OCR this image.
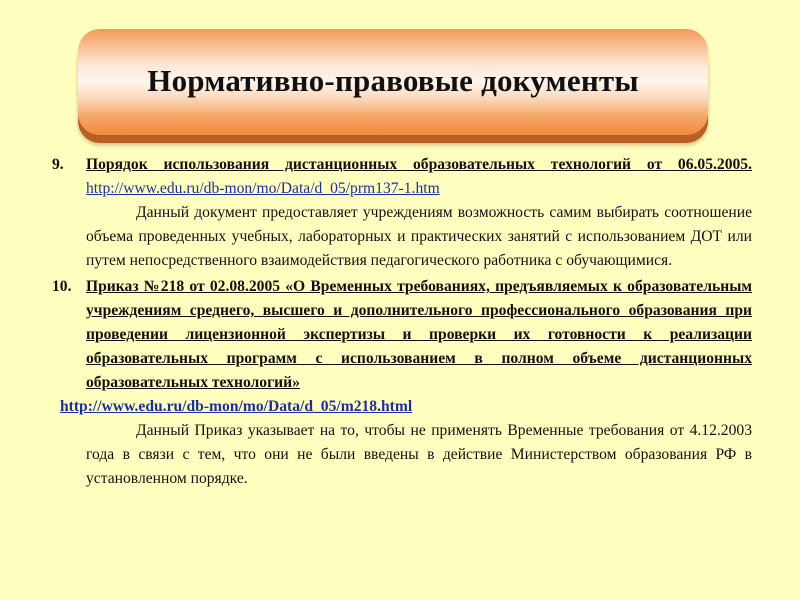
Нормативно-правовые документы
9. Порядок использования дистанционных образовательных технологий от 06.05.2005. http://www.edu.ru/db-mon/mo/Data/d_05/prm137-1.htm
Данный документ предоставляет учреждениям возможность самим выбирать соотношение объема проведенных учебных, лабораторных и практических занятий с использованием ДОТ или путем непосредственного взаимодействия педагогического работника с обучающимися.
10. Приказ №218 от 02.08.2005 «О Временных требованиях, предъявляемых к образовательным учреждениям среднего, высшего и дополнительного профессионального образования при проведении лицензионной экспертизы и проверки их готовности к реализации образовательных программ с использованием в полном объеме дистанционных образовательных технологий»
http://www.edu.ru/db-mon/mo/Data/d_05/m218.html
Данный Приказ указывает на то, чтобы не применять Временные требования от 4.12.2003 года в связи с тем, что они не были введены в действие Министерством образования РФ в установленном порядке.
